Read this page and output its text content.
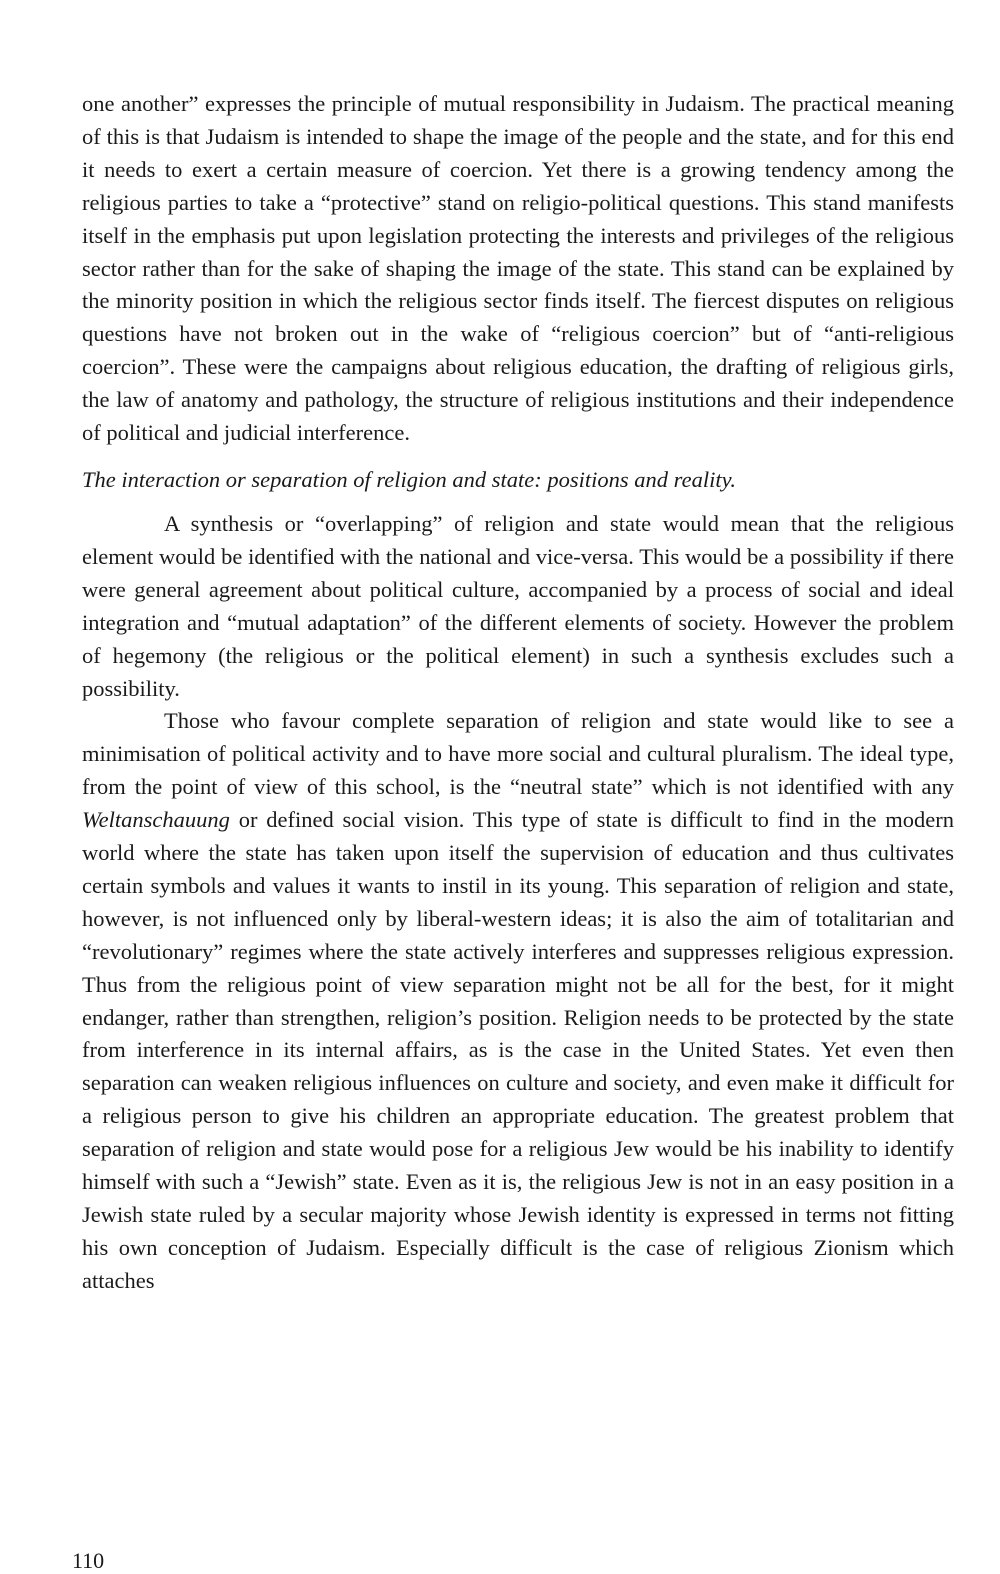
one another” expresses the principle of mutual responsibility in Judaism. The practical meaning of this is that Judaism is intended to shape the image of the people and the state, and for this end it needs to exert a certain measure of coercion. Yet there is a growing tendency among the religious parties to take a “protective” stand on religio-political questions. This stand manifests itself in the emphasis put upon legislation protecting the interests and privileges of the religious sector rather than for the sake of shaping the image of the state. This stand can be explained by the minority position in which the religious sector finds itself. The fiercest disputes on religious questions have not broken out in the wake of “religious coercion” but of “anti-religious coercion”. These were the campaigns about religious education, the drafting of religious girls, the law of anatomy and pathology, the structure of religious institutions and their independence of political and judicial interference.

The interaction or separation of religion and state: positions and reality.

A synthesis or “overlapping” of religion and state would mean that the religious element would be identified with the national and vice-versa. This would be a possibility if there were general agreement about political culture, accompanied by a process of social and ideal integration and “mutual adaptation” of the different elements of society. However the problem of hegemony (the religious or the political element) in such a synthesis excludes such a possibility.

Those who favour complete separation of religion and state would like to see a minimisation of political activity and to have more social and cultural pluralism. The ideal type, from the point of view of this school, is the “neutral state” which is not identified with any Weltanschauung or defined social vision. This type of state is difficult to find in the modern world where the state has taken upon itself the supervision of education and thus cultivates certain symbols and values it wants to instil in its young. This separation of religion and state, however, is not influenced only by liberal-western ideas; it is also the aim of totalitarian and “revolutionary” regimes where the state actively interferes and suppresses religious expression. Thus from the religious point of view separation might not be all for the best, for it might endanger, rather than strengthen, religion’s position. Religion needs to be protected by the state from interference in its internal affairs, as is the case in the United States. Yet even then separation can weaken religious influences on culture and society, and even make it difficult for a religious person to give his children an appropriate education. The greatest problem that separation of religion and state would pose for a religious Jew would be his inability to identify himself with such a “Jewish” state. Even as it is, the religious Jew is not in an easy position in a Jewish state ruled by a secular majority whose Jewish identity is expressed in terms not fitting his own conception of Judaism. Especially difficult is the case of religious Zionism which attaches

110
